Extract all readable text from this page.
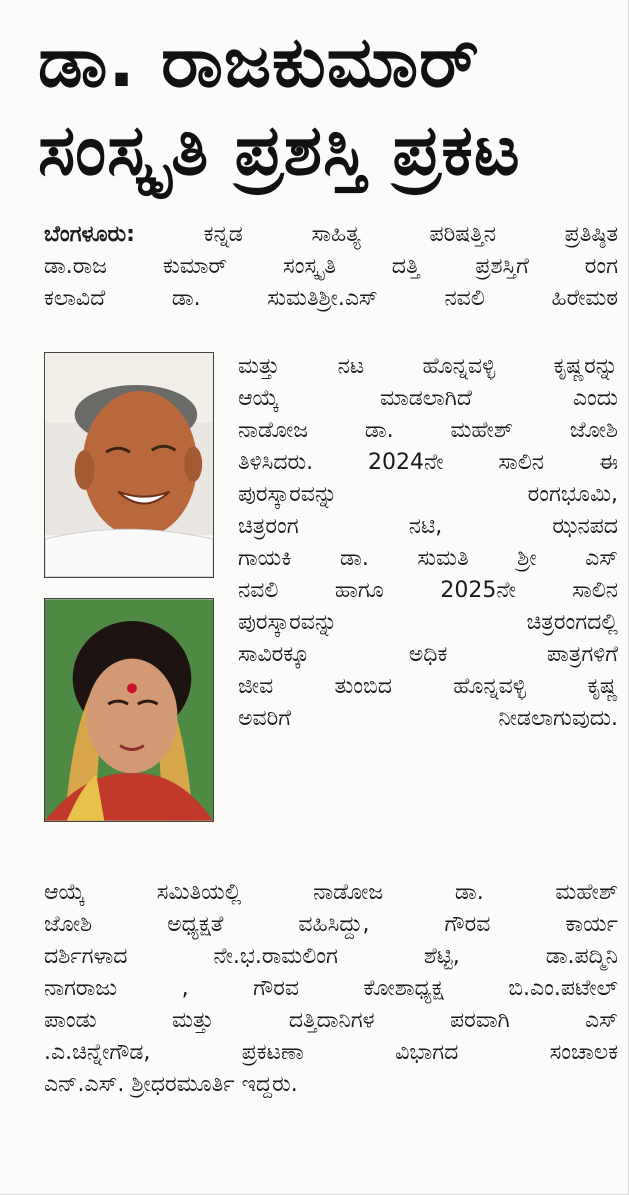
ಡಾ. ರಾಜಕುಮಾರ್
ಸಂಸ್ಕೃತಿ ಪ್ರಶಸ್ತಿ ಪ್ರಕಟ
ಬೆಂಗಳೂರು: ಕನ್ನಡ ಸಾಹಿತ್ಯ ಪರಿಷತ್ತಿನ ಪ್ರತಿಷ್ಠಿತ
ಡಾ.ರಾಜ ಕುಮಾರ್ ಸಂಸ್ಕೃತಿ ದತ್ತಿ ಪ್ರಶಸ್ತಿಗೆ ರಂಗ
ಕಲಾವಿದೆ ಡಾ. ಸುಮತಿಶ್ರೀ.ಎಸ್ ನವಲಿ ಹಿರೇಮಠ
ಮತ್ತು ನಟ ಹೊನ್ನವಳ್ಳಿ ಕೃಷ್ಣರನ್ನು
ಆಯ್ಕೆ ಮಾಡಲಾಗಿದೆ ಎಂದು
ನಾಡೋಜ ಡಾ. ಮಹೇಶ್ ಜೋಶಿ
ತಿಳಿಸಿದರು. 2024ನೇ ಸಾಲಿನ ಈ
ಪುರಸ್ಕಾರವನ್ನು ರಂಗಭೂಮಿ,
ಚಿತ್ರರಂಗ ನಟಿ, ಝನಪದ
ಗಾಯಕಿ ಡಾ. ಸುಮತಿ ಶ್ರೀ ಎಸ್
ನವಲಿ ಹಾಗೂ 2025ನೇ ಸಾಲಿನ
ಪುರಸ್ಕಾರವನ್ನು ಚಿತ್ರರಂಗದಲ್ಲಿ
ಸಾವಿರಕ್ಕೂ ಅಧಿಕ ಪಾತ್ರಗಳಿಗೆ
ಜೀವ ತುಂಬಿದ ಹೊನ್ನವಳ್ಳಿ ಕೃಷ್ಣ
ಅವರಿಗೆ ನೀಡಲಾಗುವುದು.
ಆಯ್ಕೆ ಸಮಿತಿಯಲ್ಲಿ ನಾಡೋಜ ಡಾ. ಮಹೇಶ್
ಜೋಶಿ ಅಧ್ಯಕ್ಷತೆ ವಹಿಸಿದ್ದು, ಗೌರವ ಕಾರ್ಯ
ದರ್ಶಿಗಳಾದ ನೇ.ಭ.ರಾಮಲಿಂಗ ಶೆಟ್ಟಿ, ಡಾ.ಪದ್ಮಿನಿ
ನಾಗರಾಜು , ಗೌರವ ಕೋಶಾಧ್ಯಕ್ಷ ಬಿ.ಎಂ.ಪಟೇಲ್
ಪಾಂಡು ಮತ್ತು ದತ್ತಿದಾನಿಗಳ ಪರವಾಗಿ ಎಸ್
.ಎ.ಚಿನ್ನೇಗೌಡ, ಪ್ರಕಟಣಾ ವಿಭಾಗದ ಸಂಚಾಲಕ
ಎನ್.ಎಸ್. ಶ್ರೀಧರಮೂರ್ತಿ ಇದ್ದರು.
